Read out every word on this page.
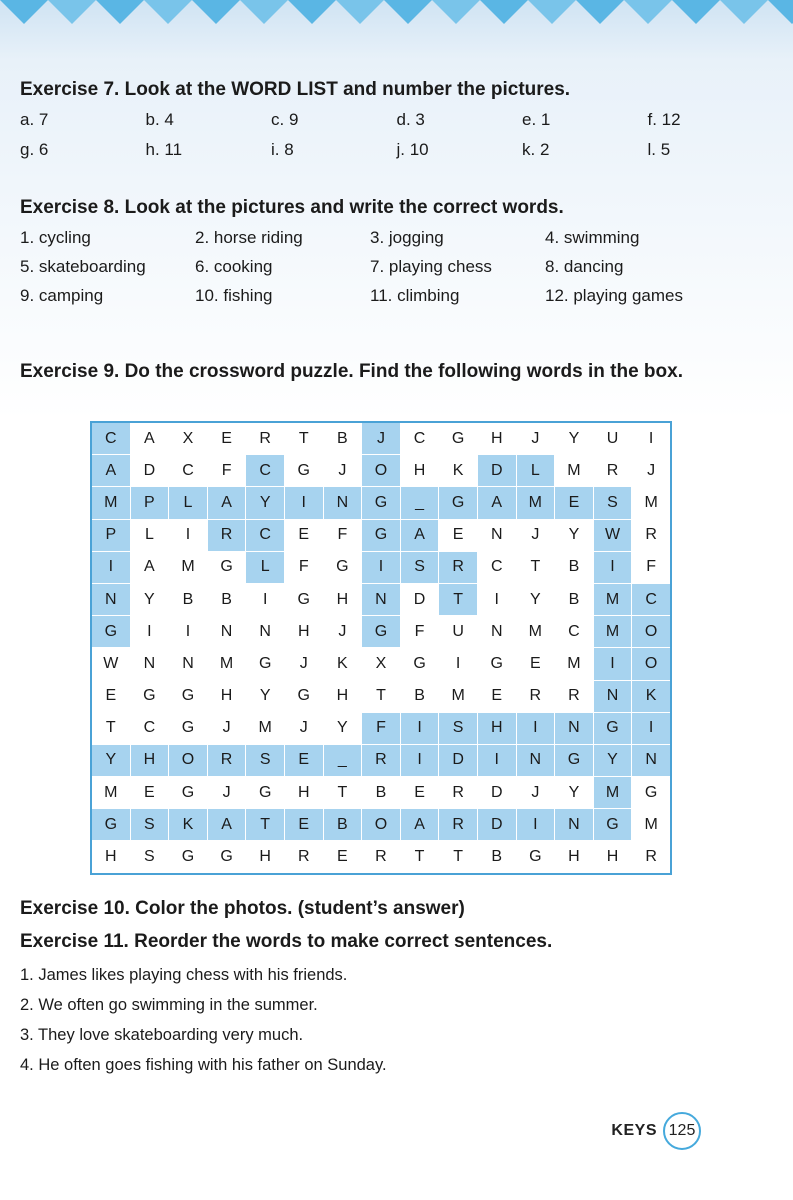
Exercise 7. Look at the WORD LIST and number the pictures.

a. 7	b. 4	c. 9	d. 3	e. 1	f. 12
g. 6	h. 11	i. 8	j. 10	k. 2	l. 5

Exercise 8. Look at the pictures and write the correct words.

1. cycling	2. horse riding	3. jogging	4. swimming
5. skateboarding	6. cooking	7. playing chess	8. dancing
9. camping	10. fishing	11. climbing	12. playing games

Exercise 9. Do the crossword puzzle. Find the following words in the box.

C	A	X	E	R	T	B	J	C	G	H	J	Y	U	I
A	D	C	F	C	G	J	O	H	K	D	L	M	R	J
M	P	L	A	Y	I	N	G	_	G	A	M	E	S	M
P	L	I	R	C	E	F	G	A	E	N	J	Y	W	R
I	A	M	G	L	F	G	I	S	R	C	T	B	I	F
N	Y	B	B	I	G	H	N	D	T	I	Y	B	M	C
G	I	I	N	N	H	J	G	F	U	N	M	C	M	O
W	N	N	M	G	J	K	X	G	I	G	E	M	I	O
E	G	G	H	Y	G	H	T	B	M	E	R	R	N	K
T	C	G	J	M	J	Y	F	I	S	H	I	N	G	I
Y	H	O	R	S	E	_	R	I	D	I	N	G	Y	N
M	E	G	J	G	H	T	B	E	R	D	J	Y	M	G
G	S	K	A	T	E	B	O	A	R	D	I	N	G	M
H	S	G	G	H	R	E	R	T	T	B	G	H	H	R

Exercise 10. Color the photos. (student’s answer)

Exercise 11. Reorder the words to make correct sentences.

1. James likes playing chess with his friends.
2. We often go swimming in the summer.
3. They love skateboarding very much.
4. He often goes fishing with his father on Sunday.
KEYS 125
